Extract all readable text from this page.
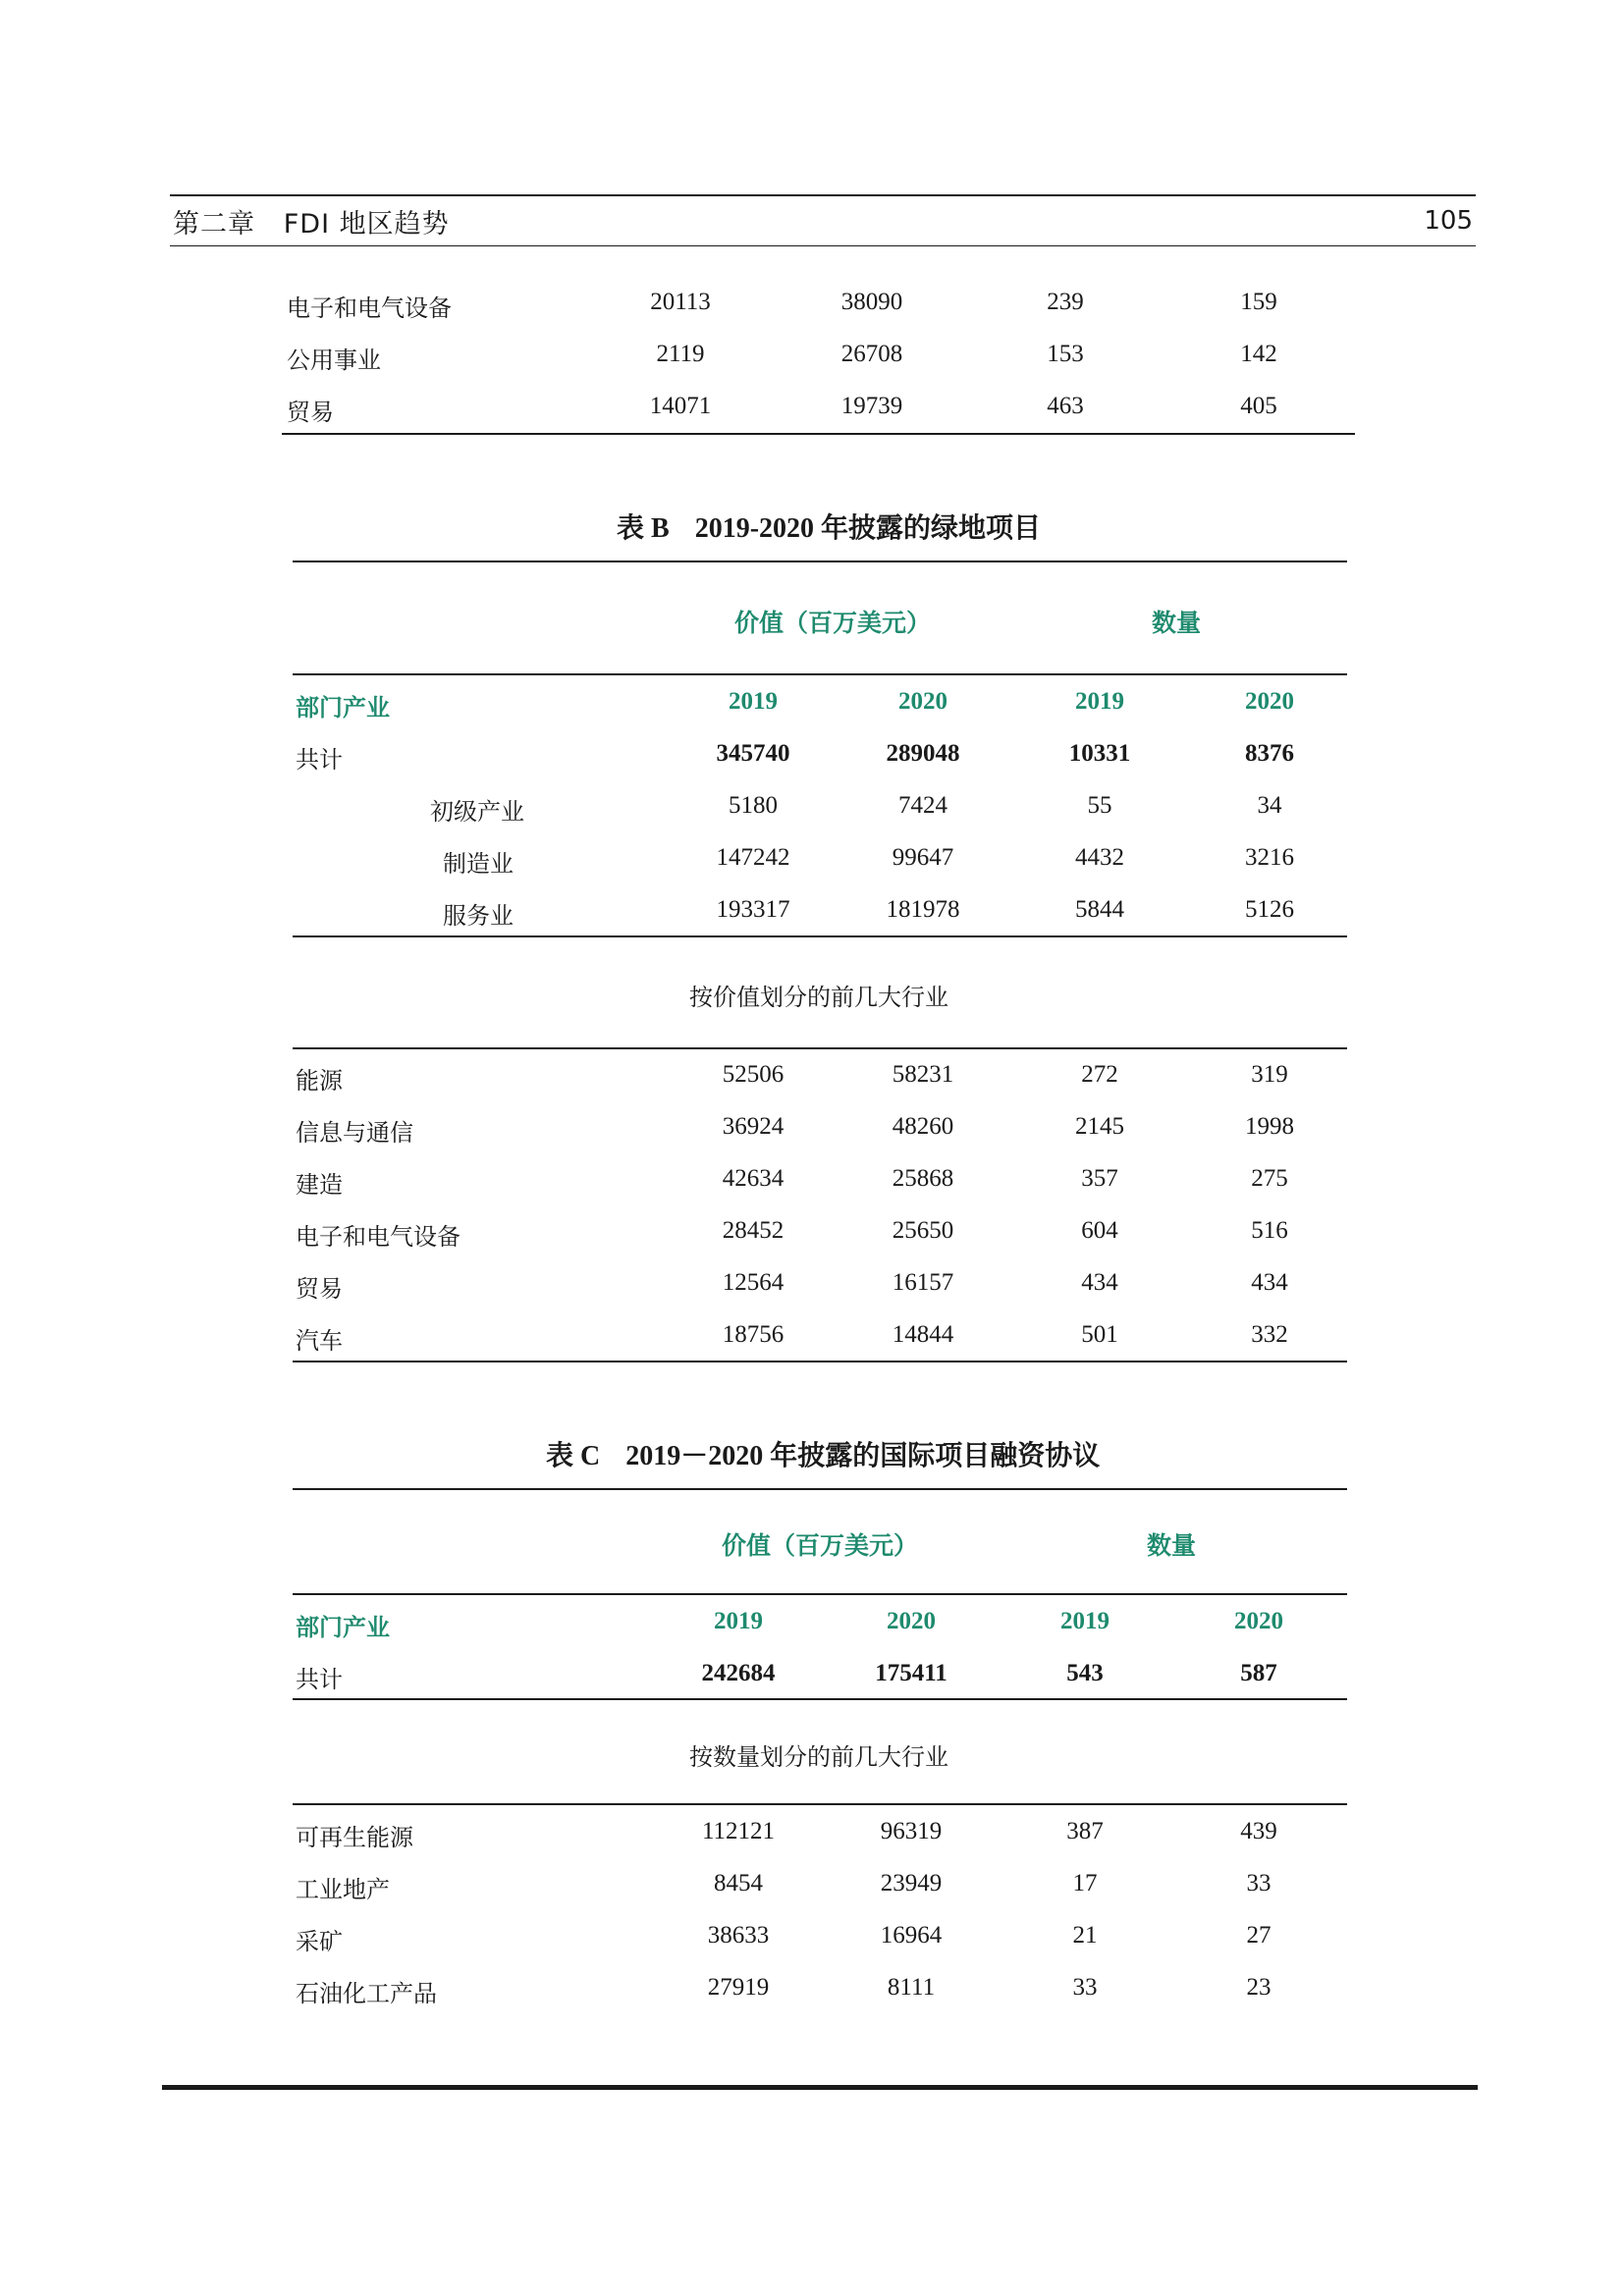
第二章 FDI 地区趋势	105
电子和电气设备	20113	38090	239	159
公用事业	2119	26708	153	142
贸易	14071	19739	463	405
表 B 2019-2020 年披露的绿地项目
价值（百万美元）	数量
部门产业	2019	2020	2019	2020
共计	345740	289048	10331	8376
初级产业	5180	7424	55	34
制造业	147242	99647	4432	3216
服务业	193317	181978	5844	5126
按价值划分的前几大行业
能源	52506	58231	272	319
信息与通信	36924	48260	2145	1998
建造	42634	25868	357	275
电子和电气设备	28452	25650	604	516
贸易	12564	16157	434	434
汽车	18756	14844	501	332
表 C 2019－2020 年披露的国际项目融资协议
价值（百万美元）	数量
部门产业	2019	2020	2019	2020
共计	242684	175411	543	587
按数量划分的前几大行业
可再生能源	112121	96319	387	439
工业地产	8454	23949	17	33
采矿	38633	16964	21	27
石油化工产品	27919	8111	33	23
